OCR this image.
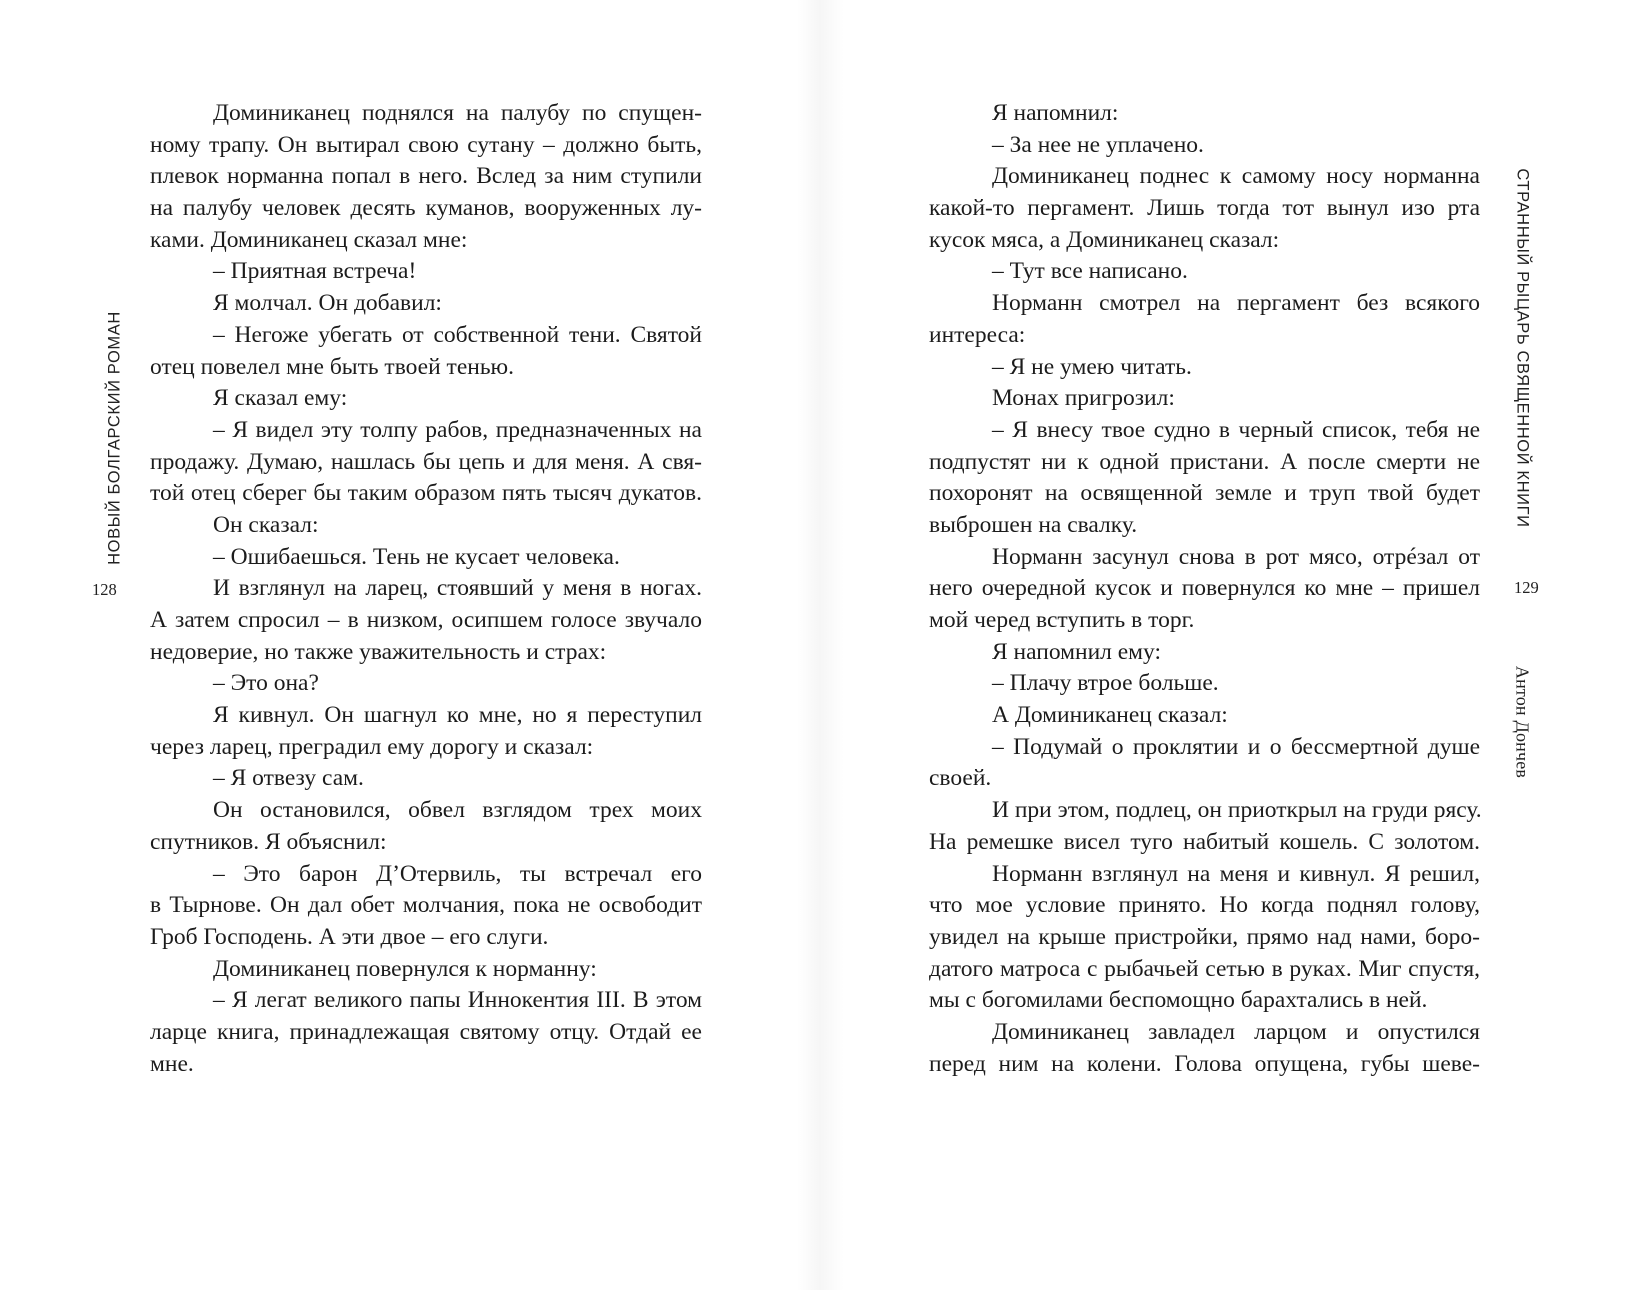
НОВЫЙ БОЛГАРСКИЙ РОМАН
128
Доминиканец поднялся на палубу по спущен-
ному трапу. Он вытирал свою сутану – должно быть,
плевок норманна попал в него. Вслед за ним ступили
на палубу человек десять куманов, вооруженных лу-
ками. Доминиканец сказал мне:
– Приятная встреча!
Я молчал. Он добавил:
– Негоже убегать от собственной тени. Святой
отец повелел мне быть твоей тенью.
Я сказал ему:
– Я видел эту толпу рабов, предназначенных на
продажу. Думаю, нашлась бы цепь и для меня. А свя-
той отец сберег бы таким образом пять тысяч дукатов.
Он сказал:
– Ошибаешься. Тень не кусает человека.
И взглянул на ларец, стоявший у меня в ногах.
А затем спросил – в низком, осипшем голосе звучало
недоверие, но также уважительность и страх:
– Это она?
Я кивнул. Он шагнул ко мне, но я переступил
через ларец, преградил ему дорогу и сказал:
– Я отвезу сам.
Он остановился, обвел взглядом трех моих
спутников. Я объяснил:
– Это барон Д’Отервиль, ты встречал его
в Тырнове. Он дал обет молчания, пока не освободит
Гроб Господень. А эти двое – его слуги.
Доминиканец повернулся к норманну:
– Я легат великого папы Иннокентия III. В этом
ларце книга, принадлежащая святому отцу. Отдай ее
мне.
СТРАННЫЙ РЫЦАРЬ СВЯЩЕННОЙ КНИГИ
Антон Дончев
129
Я напомнил:
– За нее не уплачено.
Доминиканец поднес к самому носу норманна
какой-то пергамент. Лишь тогда тот вынул изо рта
кусок мяса, а Доминиканец сказал:
– Тут все написано.
Норманн смотрел на пергамент без всякого
интереса:
– Я не умею читать.
Монах пригрозил:
– Я внесу твое судно в черный список, тебя не
подпустят ни к одной пристани. А после смерти не
похоронят на освященной земле и труп твой будет
выброшен на свалку.
Норманн засунул снова в рот мясо, отрéзал от
него очередной кусок и повернулся ко мне – пришел
мой черед вступить в торг.
Я напомнил ему:
– Плачу втрое больше.
А Доминиканец сказал:
– Подумай о проклятии и о бессмертной душе
своей.
И при этом, подлец, он приоткрыл на груди рясу.
На ремешке висел туго набитый кошель. С золотом.
Норманн взглянул на меня и кивнул. Я решил,
что мое условие принято. Но когда поднял голову,
увидел на крыше пристройки, прямо над нами, боро-
датого матроса с рыбачьей сетью в руках. Миг спустя,
мы с богомилами беспомощно барахтались в ней.
Доминиканец завладел ларцом и опустился
перед ним на колени. Голова опущена, губы шеве-
